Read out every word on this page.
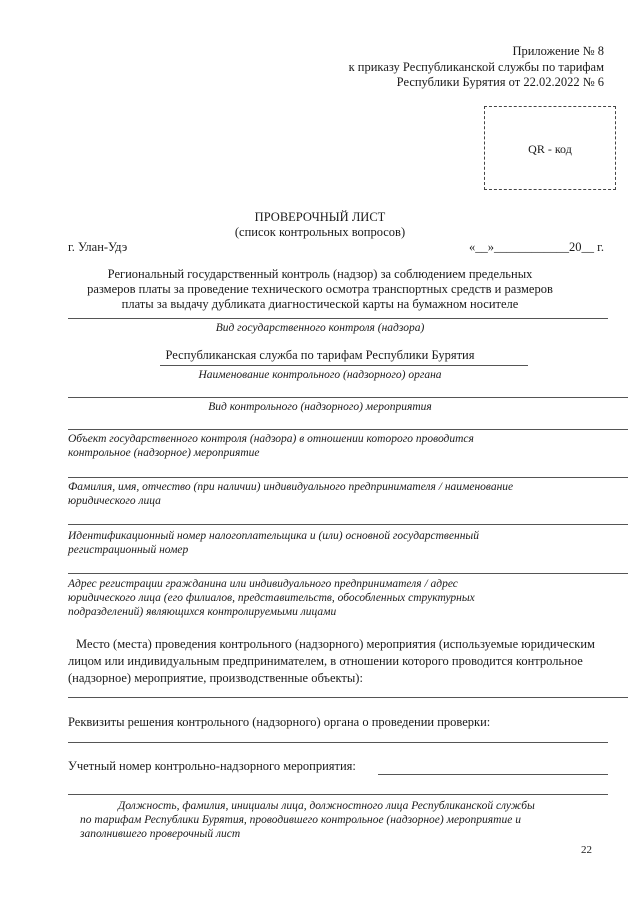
Приложение № 8
к приказу Республиканской службы по тарифам
Республики Бурятия от 22.02.2022 № 6
QR - код
ПРОВЕРОЧНЫЙ ЛИСТ
(список контрольных вопросов)
г. Улан-Удэ	«__»____________20__ г.
Региональный государственный контроль (надзор) за соблюдением предельных
размеров платы за проведение технического осмотра транспортных средств и размеров
платы за выдачу дубликата диагностической карты на бумажном носителе
Вид государственного контроля (надзора)
Республиканская служба по тарифам Республики Бурятия
Наименование контрольного (надзорного) органа
Вид контрольного (надзорного) мероприятия
Объект государственного контроля (надзора) в отношении которого проводится
контрольное (надзорное) мероприятие
Фамилия, имя, отчество (при наличии) индивидуального предпринимателя / наименование
юридического лица
Идентификационный номер налогоплательщика и (или) основной государственный
регистрационный номер
Адрес регистрации гражданина или индивидуального предпринимателя / адрес
юридического лица (его филиалов, представительств, обособленных структурных
подразделений) являющихся контролируемыми лицами
Место (места) проведения контрольного (надзорного) мероприятия (используемые юридическим
лицом или индивидуальным предпринимателем, в отношении которого проводится контрольное
(надзорное) мероприятие, производственные объекты):
Реквизиты решения контрольного (надзорного) органа о проведении проверки:
Учетный номер контрольно-надзорного мероприятия:
Должность, фамилия, инициалы лица, должностного лица Республиканской службы
по тарифам Республики Бурятия, проводившего контрольное (надзорное) мероприятие и
заполнившего проверочный лист
22
